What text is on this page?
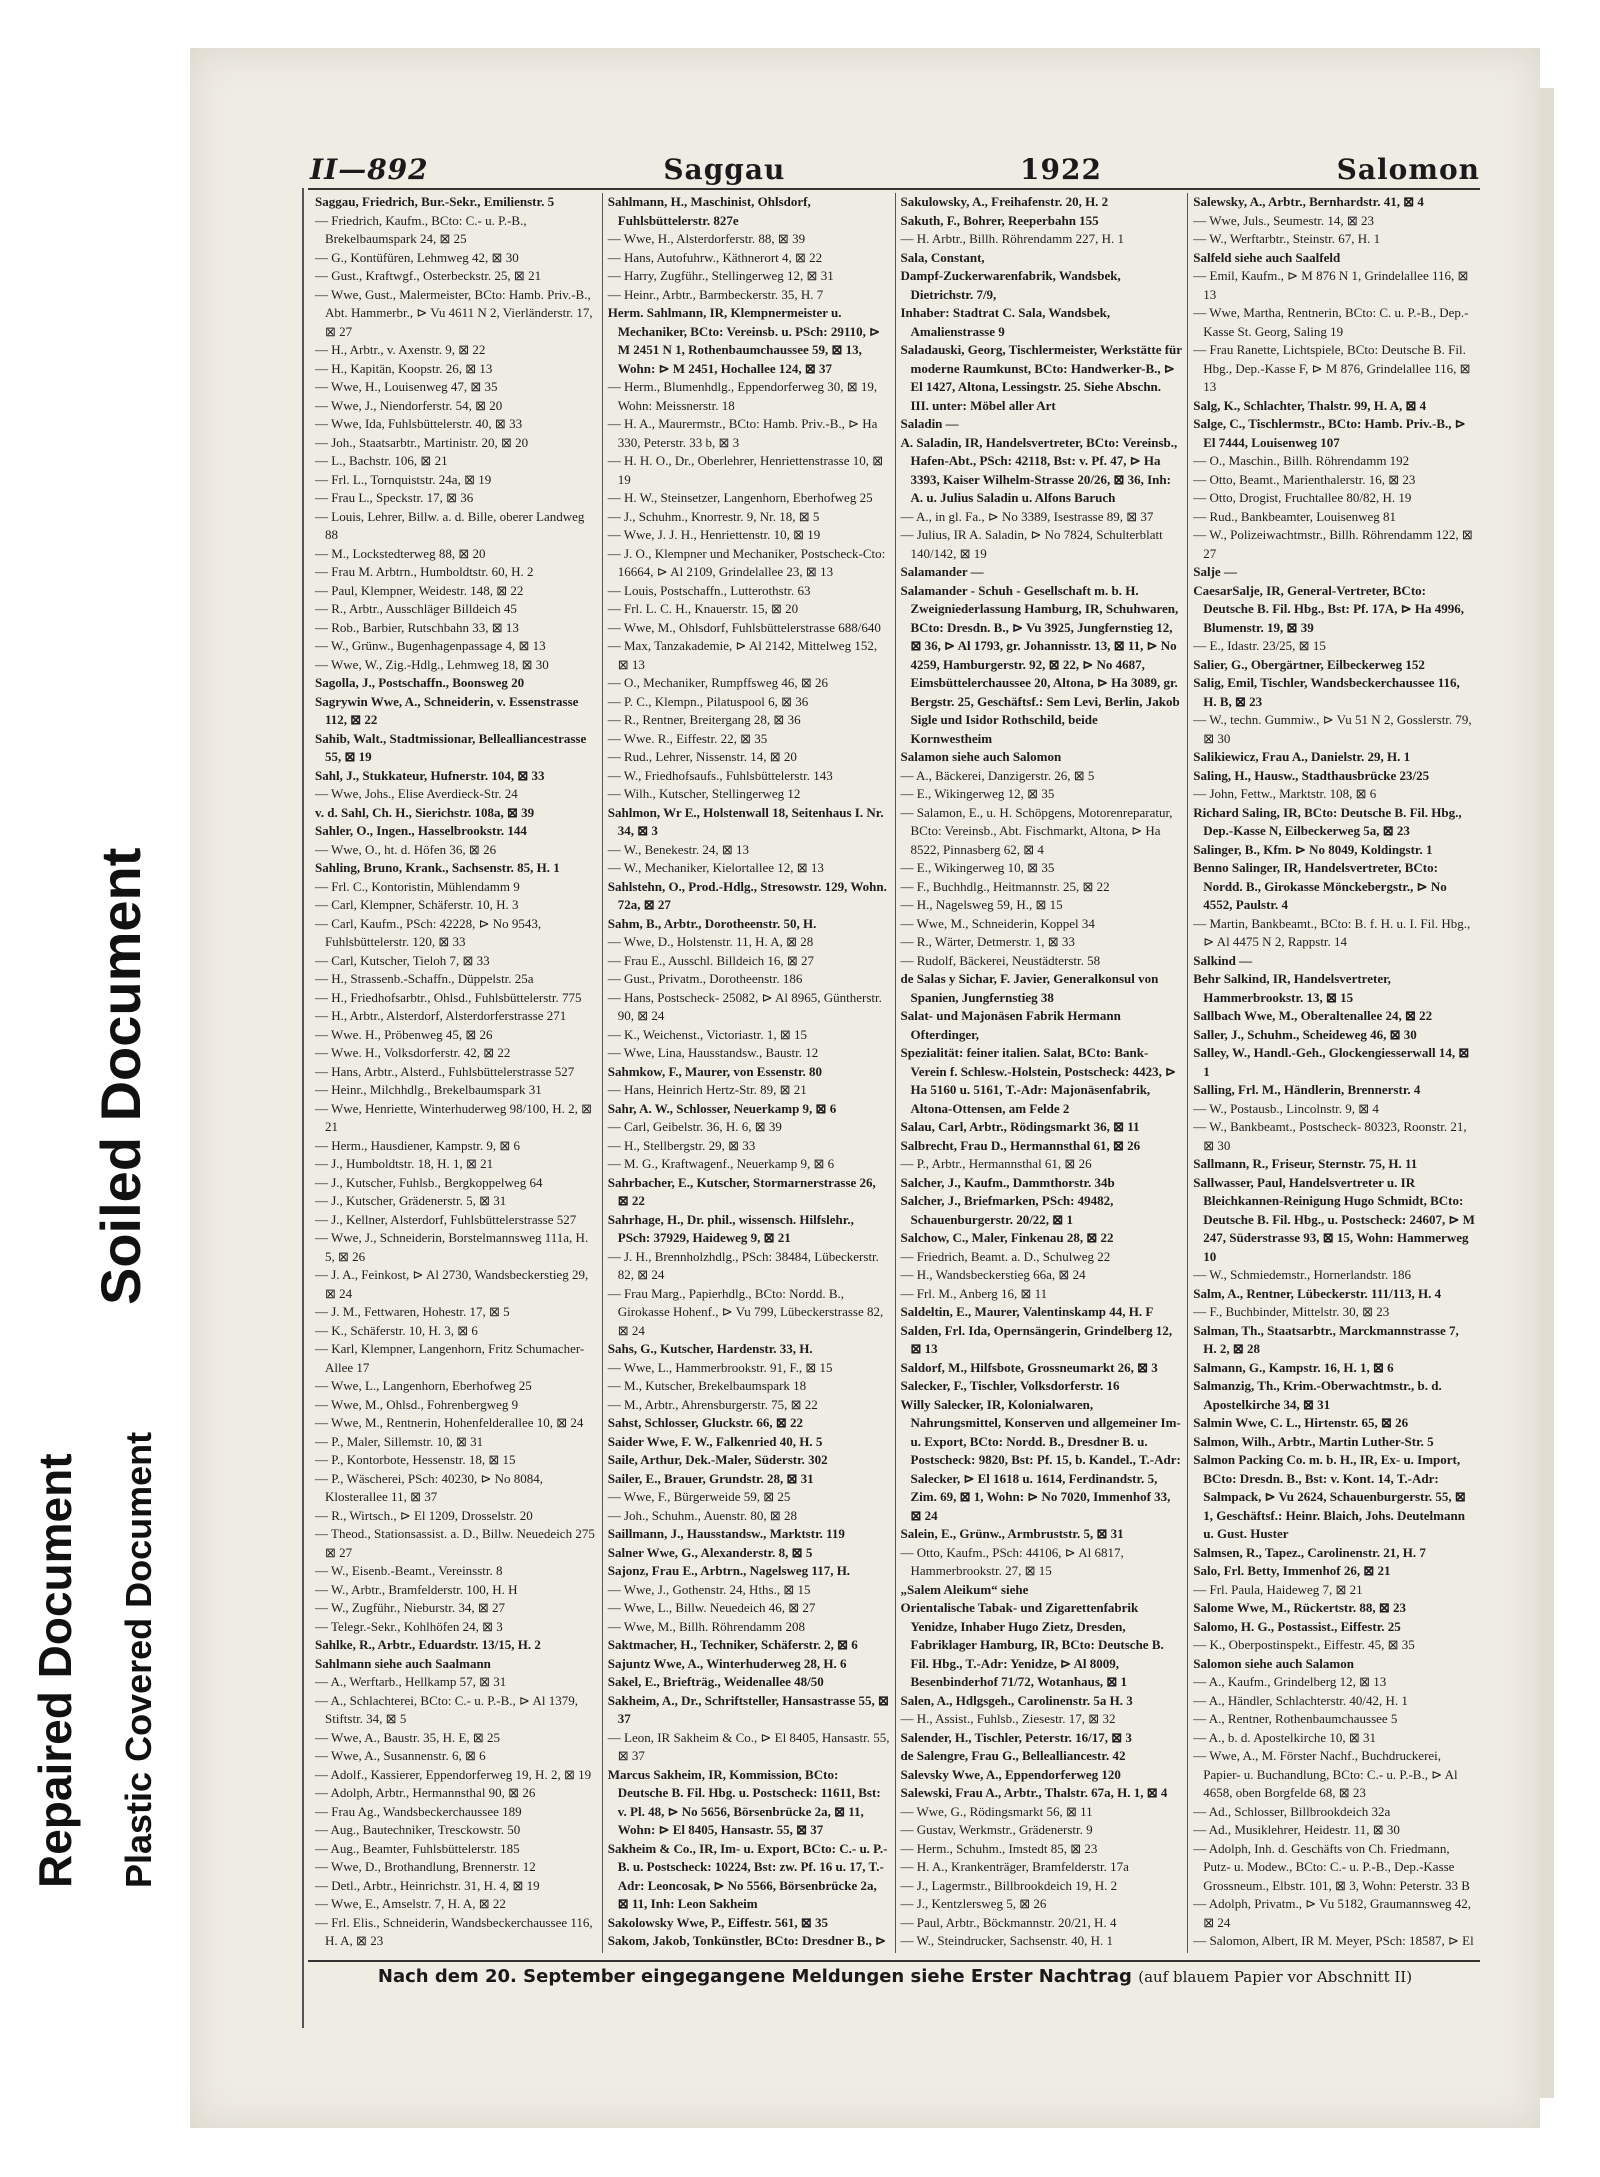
Repaired Document Plastic Covered Document
Soiled Document
II—892	Saggau	1922	Salomon

Saggau, Friedrich, Bur.-Sekr., Emilienstr. 5

— Friedrich, Kaufm., BCto: C.- u. P.-B., Brekelbaumspark 24, ⊠ 25

— G., Kontüfüren, Lehmweg 42, ⊠ 30

— Gust., Kraftwgf., Osterbeckstr. 25, ⊠ 21

— Wwe, Gust., Malermeister, BCto: Hamb. Priv.-B., Abt. Hammerbr., ⊳ Vu 4611 N 2, Vierländerstr. 17, ⊠ 27

— H., Arbtr., v. Axenstr. 9, ⊠ 22

— H., Kapitän, Koopstr. 26, ⊠ 13

— Wwe, H., Louisenweg 47, ⊠ 35

— Wwe, J., Niendorferstr. 54, ⊠ 20

— Wwe, Ida, Fuhlsbüttelerstr. 40, ⊠ 33

— Joh., Staatsarbtr., Martinistr. 20, ⊠ 20

— L., Bachstr. 106, ⊠ 21

— Frl. L., Tornquiststr. 24a, ⊠ 19

— Frau L., Speckstr. 17, ⊠ 36

— Louis, Lehrer, Billw. a. d. Bille, oberer Landweg 88

— M., Lockstedterweg 88, ⊠ 20

— Frau M. Arbtrn., Humboldtstr. 60, H. 2

— Paul, Klempner, Weidestr. 148, ⊠ 22

— R., Arbtr., Ausschläger Billdeich 45

— Rob., Barbier, Rutschbahn 33, ⊠ 13

— W., Grünw., Bugenhagenpassage 4, ⊠ 13

— Wwe, W., Zig.-Hdlg., Lehmweg 18, ⊠ 30

Sagolla, J., Postschaffn., Boonsweg 20

Sagrywin Wwe, A., Schneiderin, v. Essenstrasse 112, ⊠ 22

Sahib, Walt., Stadtmissionar, Bellealliancestrasse 55, ⊠ 19

Sahl, J., Stukkateur, Hufnerstr. 104, ⊠ 33

— Wwe, Johs., Elise Averdieck-Str. 24

v. d. Sahl, Ch. H., Sierichstr. 108a, ⊠ 39

Sahler, O., Ingen., Hasselbrookstr. 144

— Wwe, O., ht. d. Höfen 36, ⊠ 26

Sahling, Bruno, Krank., Sachsenstr. 85, H. 1

— Frl. C., Kontoristin, Mühlendamm 9

— Carl, Klempner, Schäferstr. 10, H. 3

— Carl, Kaufm., PSch: 42228, ⊳ No 9543, Fuhlsbüttelerstr. 120, ⊠ 33

— Carl, Kutscher, Tieloh 7, ⊠ 33

— H., Strassenb.-Schaffn., Düppelstr. 25a

— H., Friedhofsarbtr., Ohlsd., Fuhlsbüttelerstr. 775

— H., Arbtr., Alsterdorf, Alsterdorferstrasse 271

— Wwe. H., Pröbenweg 45, ⊠ 26

— Wwe. H., Volksdorferstr. 42, ⊠ 22

— Hans, Arbtr., Alsterd., Fuhlsbüttelerstrasse 527

— Heinr., Milchhdlg., Brekelbaumspark 31

— Wwe, Henriette, Winterhuderweg 98/100, H. 2, ⊠ 21

— Herm., Hausdiener, Kampstr. 9, ⊠ 6

— J., Humboldtstr. 18, H. 1, ⊠ 21

— J., Kutscher, Fuhlsb., Bergkoppelweg 64

— J., Kutscher, Grädenerstr. 5, ⊠ 31

— J., Kellner, Alsterdorf, Fuhlsbüttelerstrasse 527

— Wwe, J., Schneiderin, Borstelmannsweg 111a, H. 5, ⊠ 26

— J. A., Feinkost, ⊳ Al 2730, Wandsbeckerstieg 29, ⊠ 24

— J. M., Fettwaren, Hohestr. 17, ⊠ 5

— K., Schäferstr. 10, H. 3, ⊠ 6

— Karl, Klempner, Langenhorn, Fritz Schumacher-Allee 17

— Wwe, L., Langenhorn, Eberhofweg 25

— Wwe, M., Ohlsd., Fohrenbergweg 9

— Wwe, M., Rentnerin, Hohenfelderallee 10, ⊠ 24

— P., Maler, Sillemstr. 10, ⊠ 31

— P., Kontorbote, Hessenstr. 18, ⊠ 15

— P., Wäscherei, PSch: 40230, ⊳ No 8084, Klosterallee 11, ⊠ 37

— R., Wirtsch., ⊳ El 1209, Drosselstr. 20

— Theod., Stationsassist. a. D., Billw. Neuedeich 275 ⊠ 27

— W., Eisenb.-Beamt., Vereinsstr. 8

— W., Arbtr., Bramfelderstr. 100, H. H

— W., Zugführ., Nieburstr. 34, ⊠ 27

— Telegr.-Sekr., Kohlhöfen 24, ⊠ 3

Sahlke, R., Arbtr., Eduardstr. 13/15, H. 2

Sahlmann siehe auch Saalmann

— A., Werftarb., Hellkamp 57, ⊠ 31

— A., Schlachterei, BCto: C.- u. P.-B., ⊳ Al 1379, Stiftstr. 34, ⊠ 5

— Wwe, A., Baustr. 35, H. E, ⊠ 25

— Wwe, A., Susannenstr. 6, ⊠ 6

— Adolf., Kassierer, Eppendorferweg 19, H. 2, ⊠ 19

— Adolph, Arbtr., Hermannsthal 90, ⊠ 26

— Frau Ag., Wandsbeckerchaussee 189

— Aug., Bautechniker, Tresckowstr. 50

— Aug., Beamter, Fuhlsbüttelerstr. 185

— Wwe, D., Brothandlung, Brennerstr. 12

— Detl., Arbtr., Heinrichstr. 31, H. 4, ⊠ 19

— Wwe, E., Amselstr. 7, H. A, ⊠ 22

— Frl. Elis., Schneiderin, Wandsbeckerchaussee 116, H. A, ⊠ 23

Sahlmann, H., Maschinist, Ohlsdorf, Fuhlsbüttelerstr. 827e

— Wwe, H., Alsterdorferstr. 88, ⊠ 39

— Hans, Autofuhrw., Käthnerort 4, ⊠ 22

— Harry, Zugführ., Stellingerweg 12, ⊠ 31

— Heinr., Arbtr., Barmbeckerstr. 35, H. 7

Herm. Sahlmann, IR, Klempnermeister u. Mechaniker, BCto: Vereinsb. u. PSch: 29110, ⊳ M 2451 N 1, Rothenbaumchaussee 59, ⊠ 13, Wohn: ⊳ M 2451, Hochallee 124, ⊠ 37

— Herm., Blumenhdlg., Eppendorferweg 30, ⊠ 19, Wohn: Meissnerstr. 18

— H. A., Maurermstr., BCto: Hamb. Priv.-B., ⊳ Ha 330, Peterstr. 33 b, ⊠ 3

— H. H. O., Dr., Oberlehrer, Henriettenstrasse 10, ⊠ 19

— H. W., Steinsetzer, Langenhorn, Eberhofweg 25

— J., Schuhm., Knorrestr. 9, Nr. 18, ⊠ 5

— Wwe, J. J. H., Henriettenstr. 10, ⊠ 19

— J. O., Klempner und Mechaniker, Postscheck-Cto: 16664, ⊳ Al 2109, Grindelallee 23, ⊠ 13

— Louis, Postschaffn., Lutterothstr. 63

— Frl. L. C. H., Knauerstr. 15, ⊠ 20

— Wwe, M., Ohlsdorf, Fuhlsbüttelerstrasse 688/640

— Max, Tanzakademie, ⊳ Al 2142, Mittelweg 152, ⊠ 13

— O., Mechaniker, Rumpffsweg 46, ⊠ 26

— P. C., Klempn., Pilatuspool 6, ⊠ 36

— R., Rentner, Breitergang 28, ⊠ 36

— Wwe. R., Eiffestr. 22, ⊠ 35

— Rud., Lehrer, Nissenstr. 14, ⊠ 20

— W., Friedhofsaufs., Fuhlsbüttelerstr. 143

— Wilh., Kutscher, Stellingerweg 12

Sahlmon, Wr E., Holstenwall 18, Seitenhaus I. Nr. 34, ⊠ 3

— W., Benekestr. 24, ⊠ 13

— W., Mechaniker, Kielortallee 12, ⊠ 13

Sahlstehn, O., Prod.-Hdlg., Stresowstr. 129, Wohn. 72a, ⊠ 27

Sahm, B., Arbtr., Dorotheenstr. 50, H.

— Wwe, D., Holstenstr. 11, H. A, ⊠ 28

— Frau E., Ausschl. Billdeich 16, ⊠ 27

— Gust., Privatm., Dorotheenstr. 186

— Hans, Postscheck- 25082, ⊳ Al 8965, Güntherstr. 90, ⊠ 24

— K., Weichenst., Victoriastr. 1, ⊠ 15

— Wwe, Lina, Hausstandsw., Baustr. 12

Sahmkow, F., Maurer, von Essenstr. 80

— Hans, Heinrich Hertz-Str. 89, ⊠ 21

Sahr, A. W., Schlosser, Neuerkamp 9, ⊠ 6

— Carl, Geibelstr. 36, H. 6, ⊠ 39

— H., Stellbergstr. 29, ⊠ 33

— M. G., Kraftwagenf., Neuerkamp 9, ⊠ 6

Sahrbacher, E., Kutscher, Stormarnerstrasse 26, ⊠ 22

Sahrhage, H., Dr. phil., wissensch. Hilfslehr., PSch: 37929, Haideweg 9, ⊠ 21

— J. H., Brennholzhdlg., PSch: 38484, Lübeckerstr. 82, ⊠ 24

— Frau Marg., Papierhdlg., BCto: Nordd. B., Girokasse Hohenf., ⊳ Vu 799, Lübeckerstrasse 82, ⊠ 24

Sahs, G., Kutscher, Hardenstr. 33, H.

— Wwe, L., Hammerbrookstr. 91, F., ⊠ 15

— M., Kutscher, Brekelbaumspark 18

— M., Arbtr., Ahrensburgerstr. 75, ⊠ 22

Sahst, Schlosser, Gluckstr. 66, ⊠ 22

Saider Wwe, F. W., Falkenried 40, H. 5

Saile, Arthur, Dek.-Maler, Süderstr. 302

Sailer, E., Brauer, Grundstr. 28, ⊠ 31

— Wwe, F., Bürgerweide 59, ⊠ 25

— Joh., Schuhm., Auenstr. 80, ⊠ 28

Saillmann, J., Hausstandsw., Marktstr. 119

Salner Wwe, G., Alexanderstr. 8, ⊠ 5

Sajonz, Frau E., Arbtrn., Nagelsweg 117, H.

— Wwe, J., Gothenstr. 24, Hths., ⊠ 15

— Wwe, L., Billw. Neuedeich 46, ⊠ 27

— Wwe, M., Billh. Röhrendamm 208

Saktmacher, H., Techniker, Schäferstr. 2, ⊠ 6

Sajuntz Wwe, A., Winterhuderweg 28, H. 6

Sakel, E., Briefträg., Weidenallee 48/50

Sakheim, A., Dr., Schriftsteller, Hansastrasse 55, ⊠ 37

— Leon, IR Sakheim & Co., ⊳ El 8405, Hansastr. 55, ⊠ 37

Marcus Sakheim, IR, Kommission, BCto: Deutsche B. Fil. Hbg. u. Postscheck: 11611, Bst: v. Pl. 48, ⊳ No 5656, Börsenbrücke 2a, ⊠ 11, Wohn: ⊳ El 8405, Hansastr. 55, ⊠ 37

Sakheim & Co., IR, Im- u. Export, BCto: C.- u. P.-B. u. Postscheck: 10224, Bst: zw. Pf. 16 u. 17, T.-Adr: Leoncosak, ⊳ No 5566, Börsenbrücke 2a, ⊠ 11, Inh: Leon Sakheim

Sakolowsky Wwe, P., Eiffestr. 561, ⊠ 35

Sakom, Jakob, Tonkünstler, BCto: Dresdner B., ⊳

Sakulowsky, A., Freihafenstr. 20, H. 2

Sakuth, F., Bohrer, Reeperbahn 155

— H. Arbtr., Billh. Röhrendamm 227, H. 1

Sala, Constant,

Dampf-Zuckerwarenfabrik, Wandsbek, Dietrichstr. 7/9,

Inhaber: Stadtrat C. Sala, Wandsbek, Amalienstrasse 9

Saladauski, Georg, Tischlermeister, Werkstätte für moderne Raumkunst, BCto: Handwerker-B., ⊳ El 1427, Altona, Lessingstr. 25. Siehe Abschn. III. unter: Möbel aller Art

Saladin —

A. Saladin, IR, Handelsvertreter, BCto: Vereinsb., Hafen-Abt., PSch: 42118, Bst: v. Pf. 47, ⊳ Ha 3393, Kaiser Wilhelm-Strasse 20/26, ⊠ 36, Inh: A. u. Julius Saladin u. Alfons Baruch

— A., in gl. Fa., ⊳ No 3389, Isestrasse 89, ⊠ 37

— Julius, IR A. Saladin, ⊳ No 7824, Schulterblatt 140/142, ⊠ 19

Salamander —

Salamander - Schuh - Gesellschaft m. b. H. Zweigniederlassung Hamburg, IR, Schuhwaren, BCto: Dresdn. B., ⊳ Vu 3925, Jungfernstieg 12, ⊠ 36, ⊳ Al 1793, gr. Johannisstr. 13, ⊠ 11, ⊳ No 4259, Hamburgerstr. 92, ⊠ 22, ⊳ No 4687, Eimsbüttelerchaussee 20, Altona, ⊳ Ha 3089, gr. Bergstr. 25, Geschäftsf.: Sem Levi, Berlin, Jakob Sigle und Isidor Rothschild, beide Kornwestheim

Salamon siehe auch Salomon

— A., Bäckerei, Danzigerstr. 26, ⊠ 5

— E., Wikingerweg 12, ⊠ 35

— Salamon, E., u. H. Schöpgens, Motorenreparatur, BCto: Vereinsb., Abt. Fischmarkt, Altona, ⊳ Ha 8522, Pinnasberg 62, ⊠ 4

— E., Wikingerweg 10, ⊠ 35

— F., Buchhdlg., Heitmannstr. 25, ⊠ 22

— H., Nagelsweg 59, H., ⊠ 15

— Wwe, M., Schneiderin, Koppel 34

— R., Wärter, Detmerstr. 1, ⊠ 33

— Rudolf, Bäckerei, Neustädterstr. 58

de Salas y Sichar, F. Javier, Generalkonsul von Spanien, Jungfernstieg 38

Salat- und Majonäsen Fabrik Hermann Ofterdinger,

Spezialität: feiner italien. Salat, BCto: Bank-Verein f. Schlesw.-Holstein, Postscheck: 4423, ⊳ Ha 5160 u. 5161, T.-Adr: Majonäsenfabrik, Altona-Ottensen, am Felde 2

Salau, Carl, Arbtr., Rödingsmarkt 36, ⊠ 11

Salbrecht, Frau D., Hermannsthal 61, ⊠ 26

— P., Arbtr., Hermannsthal 61, ⊠ 26

Salcher, J., Kaufm., Dammthorstr. 34b

Salcher, J., Briefmarken, PSch: 49482, Schauenburgerstr. 20/22, ⊠ 1

Salchow, C., Maler, Finkenau 28, ⊠ 22

— Friedrich, Beamt. a. D., Schulweg 22

— H., Wandsbeckerstieg 66a, ⊠ 24

— Frl. M., Anberg 16, ⊠ 11

Saldeltin, E., Maurer, Valentinskamp 44, H. F

Salden, Frl. Ida, Opernsängerin, Grindelberg 12, ⊠ 13

Saldorf, M., Hilfsbote, Grossneumarkt 26, ⊠ 3

Salecker, F., Tischler, Volksdorferstr. 16

Willy Salecker, IR, Kolonialwaren, Nahrungsmittel, Konserven und allgemeiner Im- u. Export, BCto: Nordd. B., Dresdner B. u. Postscheck: 9820, Bst: Pf. 15, b. Kandel., T.-Adr: Salecker, ⊳ El 1618 u. 1614, Ferdinandstr. 5, Zim. 69, ⊠ 1, Wohn: ⊳ No 7020, Immenhof 33, ⊠ 24

Salein, E., Grünw., Armbruststr. 5, ⊠ 31

— Otto, Kaufm., PSch: 44106, ⊳ Al 6817, Hammerbrookstr. 27, ⊠ 15

„Salem Aleikum“ siehe

Orientalische Tabak- und Zigarettenfabrik Yenidze, Inhaber Hugo Zietz, Dresden, Fabriklager Hamburg, IR, BCto: Deutsche B. Fil. Hbg., T.-Adr: Yenidze, ⊳ Al 8009, Besenbinderhof 71/72, Wotanhaus, ⊠ 1

Salen, A., Hdlgsgeh., Carolinenstr. 5a H. 3

— H., Assist., Fuhlsb., Ziesestr. 17, ⊠ 32

Salender, H., Tischler, Peterstr. 16/17, ⊠ 3

de Salengre, Frau G., Bellealliancestr. 42

Salevsky Wwe, A., Eppendorferweg 120

Salewski, Frau A., Arbtr., Thalstr. 67a, H. 1, ⊠ 4

— Wwe, G., Rödingsmarkt 56, ⊠ 11

— Gustav, Werkmstr., Grädenerstr. 9

— Herm., Schuhm., Imstedt 85, ⊠ 23

— H. A., Krankenträger, Bramfelderstr. 17a

— J., Lagermstr., Billbrookdeich 19, H. 2

— J., Kentzlersweg 5, ⊠ 26

— Paul, Arbtr., Böckmannstr. 20/21, H. 4

— W., Steindrucker, Sachsenstr. 40, H. 1

Salewsky, A., Arbtr., Bernhardstr. 41, ⊠ 4

— Wwe, Juls., Seumestr. 14, ⊠ 23

— W., Werftarbtr., Steinstr. 67, H. 1

Salfeld siehe auch Saalfeld

— Emil, Kaufm., ⊳ M 876 N 1, Grindelallee 116, ⊠ 13

— Wwe, Martha, Rentnerin, BCto: C. u. P.-B., Dep.-Kasse St. Georg, Saling 19

— Frau Ranette, Lichtspiele, BCto: Deutsche B. Fil. Hbg., Dep.-Kasse F, ⊳ M 876, Grindelallee 116, ⊠ 13

Salg, K., Schlachter, Thalstr. 99, H. A, ⊠ 4

Salge, C., Tischlermstr., BCto: Hamb. Priv.-B., ⊳ El 7444, Louisenweg 107

— O., Maschin., Billh. Röhrendamm 192

— Otto, Beamt., Marienthalerstr. 16, ⊠ 23

— Otto, Drogist, Fruchtallee 80/82, H. 19

— Rud., Bankbeamter, Louisenweg 81

— W., Polizeiwachtmstr., Billh. Röhrendamm 122, ⊠ 27

Salje —

CaesarSalje, IR, General-Vertreter, BCto: Deutsche B. Fil. Hbg., Bst: Pf. 17A, ⊳ Ha 4996, Blumenstr. 19, ⊠ 39

— E., Idastr. 23/25, ⊠ 15

Salier, G., Obergärtner, Eilbeckerweg 152

Salig, Emil, Tischler, Wandsbeckerchaussee 116, H. B, ⊠ 23

— W., techn. Gummiw., ⊳ Vu 51 N 2, Gosslerstr. 79, ⊠ 30

Salikiewicz, Frau A., Danielstr. 29, H. 1

Saling, H., Hausw., Stadthausbrücke 23/25

— John, Fettw., Marktstr. 108, ⊠ 6

Richard Saling, IR, BCto: Deutsche B. Fil. Hbg., Dep.-Kasse N, Eilbeckerweg 5a, ⊠ 23

Salinger, B., Kfm. ⊳ No 8049, Koldingstr. 1

Benno Salinger, IR, Handelsvertreter, BCto: Nordd. B., Girokasse Mönckebergstr., ⊳ No 4552, Paulstr. 4

— Martin, Bankbeamt., BCto: B. f. H. u. I. Fil. Hbg., ⊳ Al 4475 N 2, Rappstr. 14

Salkind —

Behr Salkind, IR, Handelsvertreter, Hammerbrookstr. 13, ⊠ 15

Sallbach Wwe, M., Oberaltenallee 24, ⊠ 22

Saller, J., Schuhm., Scheideweg 46, ⊠ 30

Salley, W., Handl.-Geh., Glockengiesserwall 14, ⊠ 1

Salling, Frl. M., Händlerin, Brennerstr. 4

— W., Postausb., Lincolnstr. 9, ⊠ 4

— W., Bankbeamt., Postscheck- 80323, Roonstr. 21, ⊠ 30

Sallmann, R., Friseur, Sternstr. 75, H. 11

Sallwasser, Paul, Handelsvertreter u. IR Bleichkannen-Reinigung Hugo Schmidt, BCto: Deutsche B. Fil. Hbg., u. Postscheck: 24607, ⊳ M 247, Süderstrasse 93, ⊠ 15, Wohn: Hammerweg 10

— W., Schmiedemstr., Hornerlandstr. 186

Salm, A., Rentner, Lübeckerstr. 111/113, H. 4

— F., Buchbinder, Mittelstr. 30, ⊠ 23

Salman, Th., Staatsarbtr., Marckmannstrasse 7, H. 2, ⊠ 28

Salmann, G., Kampstr. 16, H. 1, ⊠ 6

Salmanzig, Th., Krim.-Oberwachtmstr., b. d. Apostelkirche 34, ⊠ 31

Salmin Wwe, C. L., Hirtenstr. 65, ⊠ 26

Salmon, Wilh., Arbtr., Martin Luther-Str. 5

Salmon Packing Co. m. b. H., IR, Ex- u. Import, BCto: Dresdn. B., Bst: v. Kont. 14, T.-Adr: Salmpack, ⊳ Vu 2624, Schauenburgerstr. 55, ⊠ 1, Geschäftsf.: Heinr. Blaich, Johs. Deutelmann u. Gust. Huster

Salmsen, R., Tapez., Carolinenstr. 21, H. 7

Salo, Frl. Betty, Immenhof 26, ⊠ 21

— Frl. Paula, Haideweg 7, ⊠ 21

Salome Wwe, M., Rückertstr. 88, ⊠ 23

Salomo, H. G., Postassist., Eiffestr. 25

— K., Oberpostinspekt., Eiffestr. 45, ⊠ 35

Salomon siehe auch Salamon

— A., Kaufm., Grindelberg 12, ⊠ 13

— A., Händler, Schlachterstr. 40/42, H. 1

— A., Rentner, Rothenbaumchaussee 5

— A., b. d. Apostelkirche 10, ⊠ 31

— Wwe, A., M. Förster Nachf., Buchdruckerei, Papier- u. Buchandlung, BCto: C.- u. P.-B., ⊳ Al 4658, oben Borgfelde 68, ⊠ 23

— Ad., Schlosser, Billbrookdeich 32a

— Ad., Musiklehrer, Heidestr. 11, ⊠ 30

— Adolph, Inh. d. Geschäfts von Ch. Friedmann, Putz- u. Modew., BCto: C.- u. P.-B., Dep.-Kasse Grossneum., Elbstr. 101, ⊠ 3, Wohn: Peterstr. 33 B

— Adolph, Privatm., ⊳ Vu 5182, Graumannsweg 42, ⊠ 24

— Salomon, Albert, IR M. Meyer, PSch: 18587, ⊳ El

Nach dem 20. September eingegangene Meldungen siehe Erster Nachtrag (auf blauem Papier vor Abschnitt II)
